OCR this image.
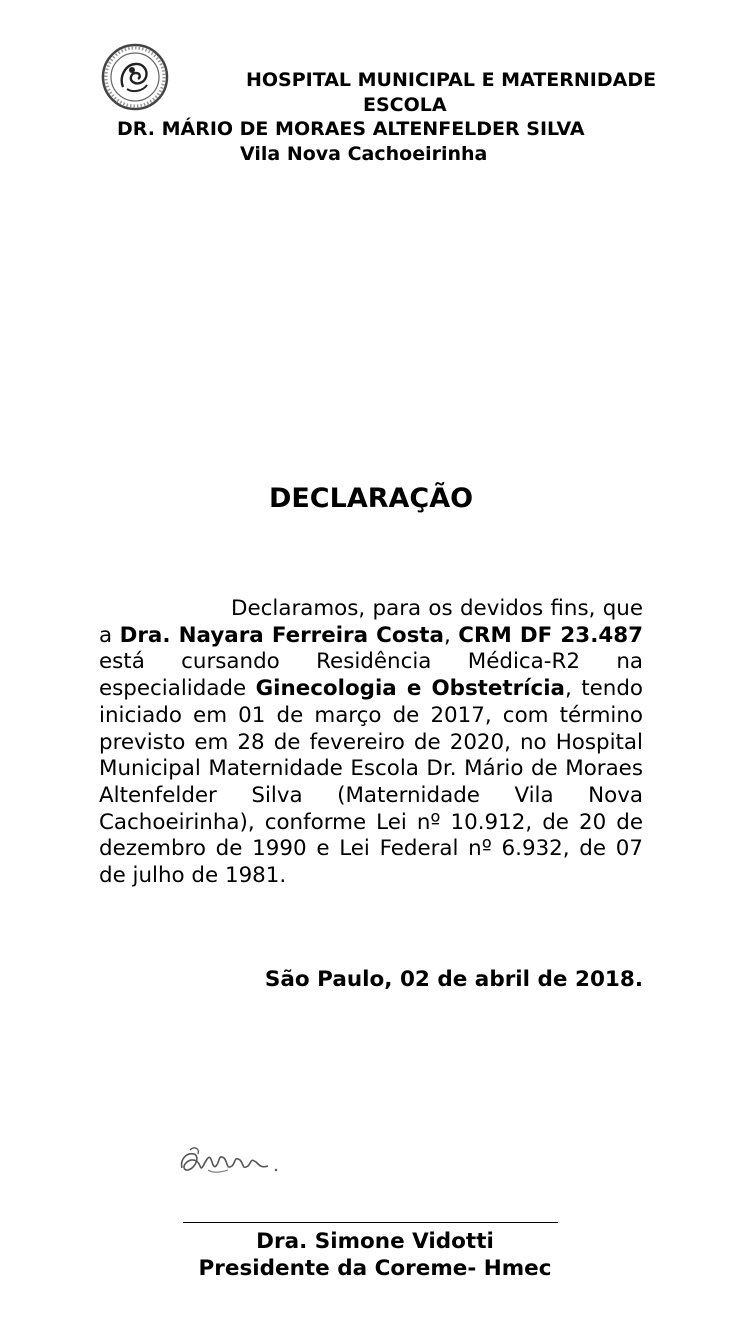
HOSPITAL MUNICIPAL E MATERNIDADE
ESCOLA
DR. MÁRIO DE MORAES ALTENFELDER SILVA
Vila Nova Cachoeirinha
DECLARAÇÃO
Declaramos, para os devidos fins, que a Dra. Nayara Ferreira Costa, CRM DF 23.487 está cursando Residência Médica-R2 na especialidade Ginecologia e Obstetrícia, tendo iniciado em 01 de março de 2017, com término previsto em 28 de fevereiro de 2020, no Hospital Municipal Maternidade Escola Dr. Mário de Moraes Altenfelder Silva (Maternidade Vila Nova Cachoeirinha), conforme Lei nº 10.912, de 20 de dezembro de 1990 e Lei Federal nº 6.932, de 07 de julho de 1981.
São Paulo, 02 de abril de 2018.
Dra. Simone Vidotti
Presidente da Coreme- Hmec
